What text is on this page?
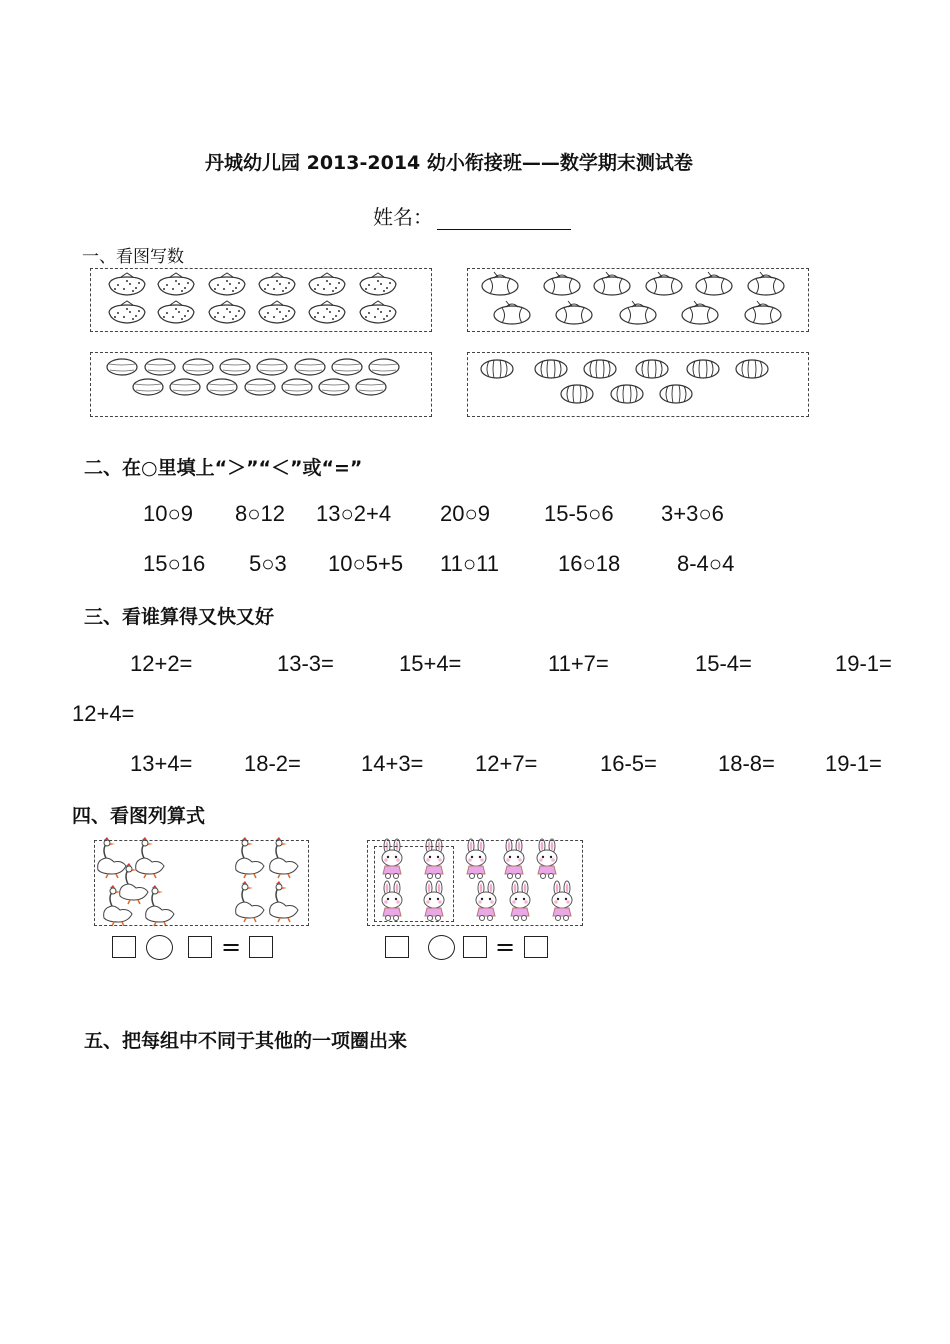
丹城幼儿园 2013-2014 幼小衔接班——数学期末测试卷
姓名：
一、看图写数
二、在○里填上“＞”“＜”或“=”
10○9 8○12 13○2+4 20○9 15-5○6 3+3○6
15○16 5○3 10○5+5 11○11	16○18	8-4○4
三、看谁算得又快又好
12+2=	13-3=	15+4=	11+7=	15-4=	19-1=
12+4=
13+4= 18-2=	14+3= 12+7=	16-5=	18-8= 19-1=
四、看图列算式
=	=
五、把每组中不同于其他的一项圈出来
